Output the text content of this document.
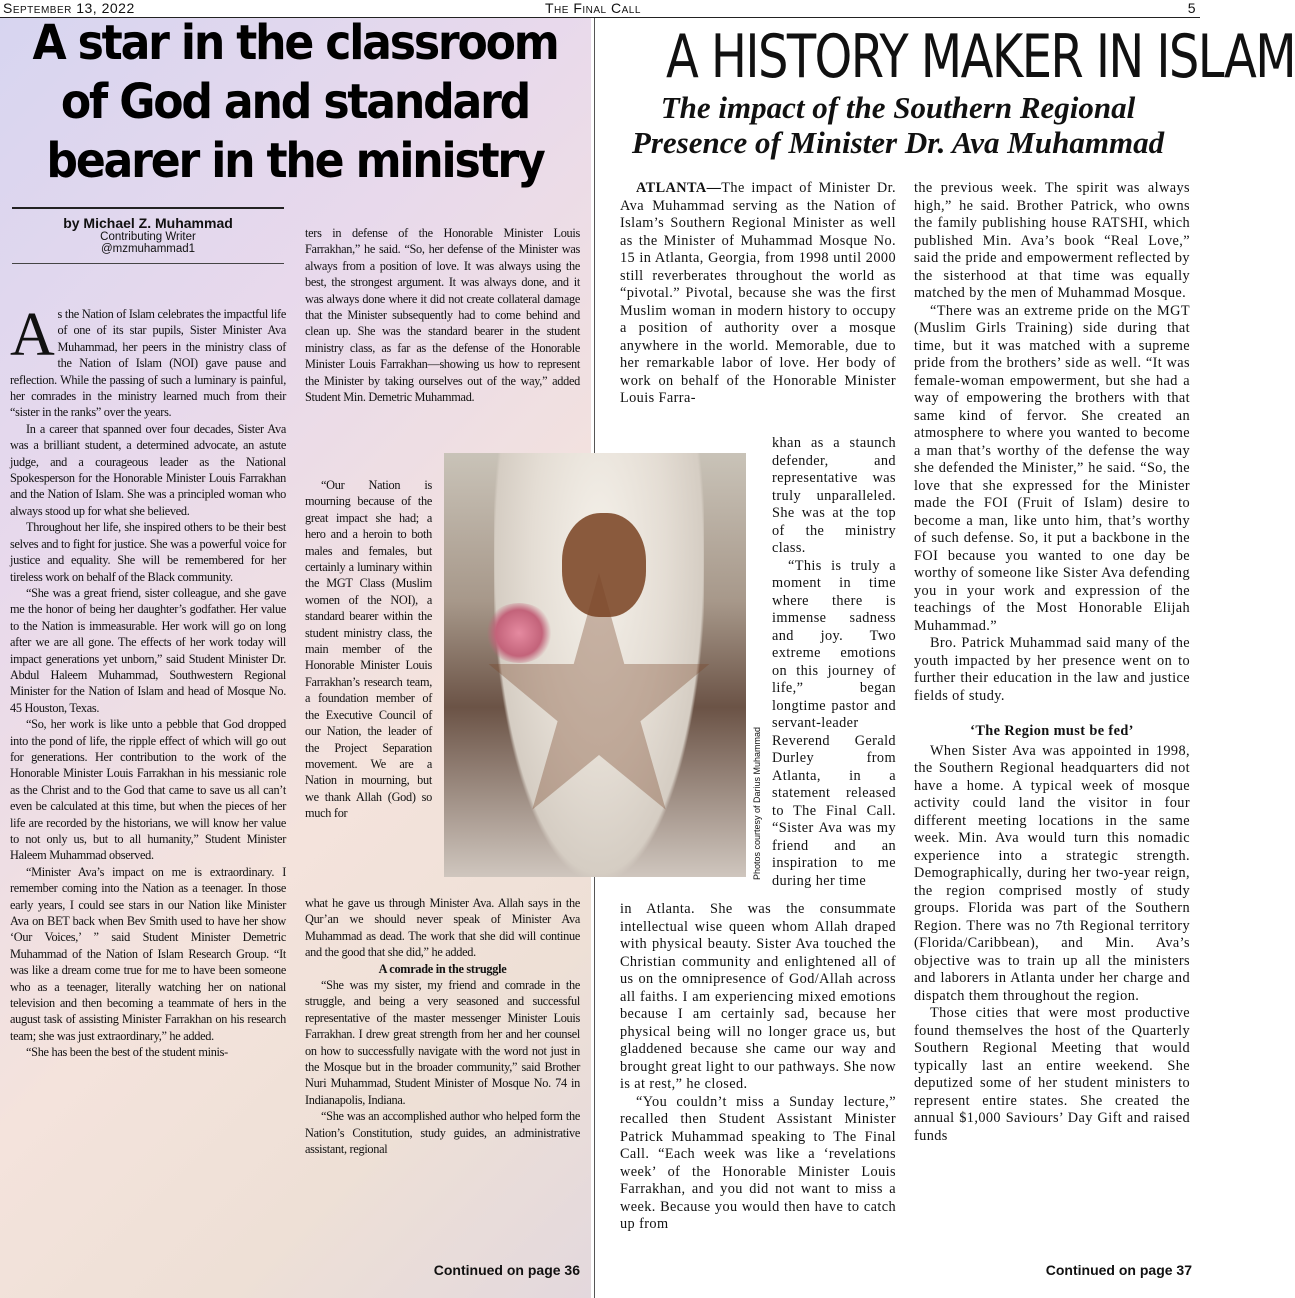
September 13, 2022	The Final Call	5
A star in the classroom
of God and standard
bearer in the ministry
by Michael Z. Muhammad
Contributing Writer
@mzmuhammad1

As the Nation of Islam celebrates the impactful life of one of its star pupils, Sister Minister Ava Muhammad, her peers in the ministry class of the Nation of Islam (NOI) gave pause and reflection. While the passing of such a luminary is painful, her comrades in the ministry learned much from their “sister in the ranks” over the years.

In a career that spanned over four decades, Sister Ava was a brilliant student, a determined advocate, an astute judge, and a courageous leader as the National Spokesperson for the Honorable Minister Louis Farrakhan and the Nation of Islam. She was a principled woman who always stood up for what she believed.

Throughout her life, she inspired others to be their best selves and to fight for justice. She was a powerful voice for justice and equality. She will be remembered for her tireless work on behalf of the Black community.

“She was a great friend, sister colleague, and she gave me the honor of being her daughter’s godfather. Her value to the Nation is immeasurable. Her work will go on long after we are all gone. The effects of her work today will impact generations yet unborn,” said Student Minister Dr. Abdul Haleem Muhammad, Southwestern Regional Minister for the Nation of Islam and head of Mosque No. 45 Houston, Texas.

“So, her work is like unto a pebble that God dropped into the pond of life, the ripple effect of which will go out for generations. Her contribution to the work of the Honorable Minister Louis Farrakhan in his messianic role as the Christ and to the God that came to save us all can’t even be calculated at this time, but when the pieces of her life are recorded by the historians, we will know her value to not only us, but to all humanity,” Student Minister Haleem Muhammad observed.

“Minister Ava’s impact on me is extraordinary. I remember coming into the Nation as a teenager. In those early years, I could see stars in our Nation like Minister Ava on BET back when Bev Smith used to have her show ‘Our Voices,’ ” said Student Minister Demetric Muhammad of the Nation of Islam Research Group. “It was like a dream come true for me to have been someone who as a teenager, literally watching her on national television and then becoming a teammate of hers in the august task of assisting Minister Farrakhan on his research team; she was just extraordinary,” he added.

“She has been the best of the student minis-

ters in defense of the Honorable Minister Louis Farrakhan,” he said. “So, her defense of the Minister was always from a position of love. It was always using the best, the strongest argument. It was always done, and it was always done where it did not create collateral damage that the Minister subsequently had to come behind and clean up. She was the standard bearer in the student ministry class, as far as the defense of the Honorable Minister Louis Farrakhan—showing us how to represent the Minister by taking ourselves out of the way,” added Student Min. Demetric Muhammad.

“Our Nation is mourning because of the great impact she had; a hero and a heroin to both males and females, but certainly a luminary within the MGT Class (Muslim women of the NOI), a standard bearer within the student ministry class, the main member of the Honorable Minister Louis Farrakhan’s research team, a foundation member of the Executive Council of our Nation, the leader of the Project Separation movement. We are a Nation in mourning, but we thank Allah (God) so much for

what he gave us through Minister Ava. Allah says in the Qur’an we should never speak of Minister Ava Muhammad as dead. The work that she did will continue and the good that she did,” he added.

A comrade in the struggle

“She was my sister, my friend and comrade in the struggle, and being a very seasoned and successful representative of the master messenger Minister Louis Farrakhan. I drew great strength from her and her counsel on how to successfully navigate with the word not just in the Mosque but in the broader community,” said Brother Nuri Muhammad, Student Minister of Mosque No. 74 in Indianapolis, Indiana.

“She was an accomplished author who helped form the Nation’s Constitution, study guides, an administrative assistant, regional

Continued on page 36
Photos courtesy of Darius Muhammad
A HISTORY MAKER IN ISLAM
The impact of the Southern Regional
Presence of Minister Dr. Ava Muhammad

ATLANTA—The impact of Minister Dr. Ava Muhammad serving as the Nation of Islam’s Southern Regional Minister as well as the Minister of Muhammad Mosque No. 15 in Atlanta, Georgia, from 1998 until 2000 still reverberates throughout the world as “pivotal.” Pivotal, because she was the first Muslim woman in modern history to occupy a position of authority over a mosque anywhere in the world. Memorable, due to her remarkable labor of love. Her body of work on behalf of the Honorable Minister Louis Farra-

khan as a staunch defender, and representative was truly unparalleled. She was at the top of the ministry class.

“This is truly a moment in time where there is immense sadness and joy. Two extreme emotions on this journey of life,” began longtime pastor and servant-leader Reverend Gerald Durley from Atlanta, in a statement released to The Final Call. “Sister Ava was my friend and an inspiration to me during her time

in Atlanta. She was the consummate intellectual wise queen whom Allah draped with physical beauty. Sister Ava touched the Christian community and enlightened all of us on the omnipresence of God/Allah across all faiths. I am experiencing mixed emotions because I am certainly sad, because her physical being will no longer grace us, but gladdened because she came our way and brought great light to our pathways. She now is at rest,” he closed.

“You couldn’t miss a Sunday lecture,” recalled then Student Assistant Minister Patrick Muhammad speaking to The Final Call. “Each week was like a ‘revelations week’ of the Honorable Minister Louis Farrakhan, and you did not want to miss a week. Because you would then have to catch up from

the previous week. The spirit was always high,” he said. Brother Patrick, who owns the family publishing house RATSHI, which published Min. Ava’s book “Real Love,” said the pride and empowerment reflected by the sisterhood at that time was equally matched by the men of Muhammad Mosque.

“There was an extreme pride on the MGT (Muslim Girls Training) side during that time, but it was matched with a supreme pride from the brothers’ side as well. “It was female-woman empowerment, but she had a way of empowering the brothers with that same kind of fervor. She created an atmosphere to where you wanted to become a man that’s worthy of the defense the way she defended the Minister,” he said. “So, the love that she expressed for the Minister made the FOI (Fruit of Islam) desire to become a man, like unto him, that’s worthy of such defense. So, it put a backbone in the FOI because you wanted to one day be worthy of someone like Sister Ava defending you in your work and expression of the teachings of the Most Honorable Elijah Muhammad.”

Bro. Patrick Muhammad said many of the youth impacted by her presence went on to further their education in the law and justice fields of study.

‘The Region must be fed’

When Sister Ava was appointed in 1998, the Southern Regional headquarters did not have a home. A typical week of mosque activity could land the visitor in four different meeting locations in the same week. Min. Ava would turn this nomadic experience into a strategic strength. Demographically, during her two-year reign, the region comprised mostly of study groups. Florida was part of the Southern Region. There was no 7th Regional territory (Florida/Caribbean), and Min. Ava’s objective was to train up all the ministers and laborers in Atlanta under her charge and dispatch them throughout the region.

Those cities that were most productive found themselves the host of the Quarterly Southern Regional Meeting that would typically last an entire weekend. She deputized some of her student ministers to represent entire states. She created the annual $1,000 Saviours’ Day Gift and raised funds

Continued on page 37
